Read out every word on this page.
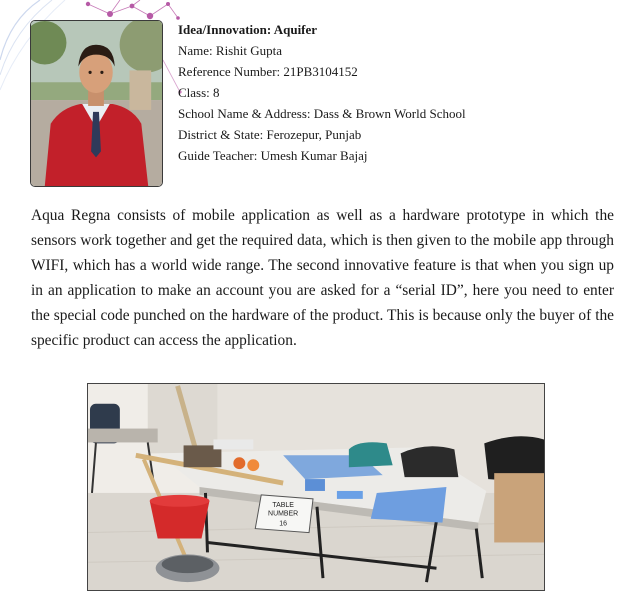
Idea/Innovation: Aquifer
Name: Rishit Gupta
Reference Number: 21PB3104152
Class: 8
School Name & Address: Dass & Brown World School
District & State: Ferozepur, Punjab
Guide Teacher: Umesh Kumar Bajaj

Aqua Regna consists of mobile application as well as a hardware prototype in which the sensors work together and get the required data, which is then given to the mobile app through WIFI, which has a world wide range. The second innovative feature is that when you sign up in an application to make an account you are asked for a “serial ID”, here you need to enter the special code punched on the hardware of the product. This is because only the buyer of the specific product can access the application.

TABLE
NUMBER
16
